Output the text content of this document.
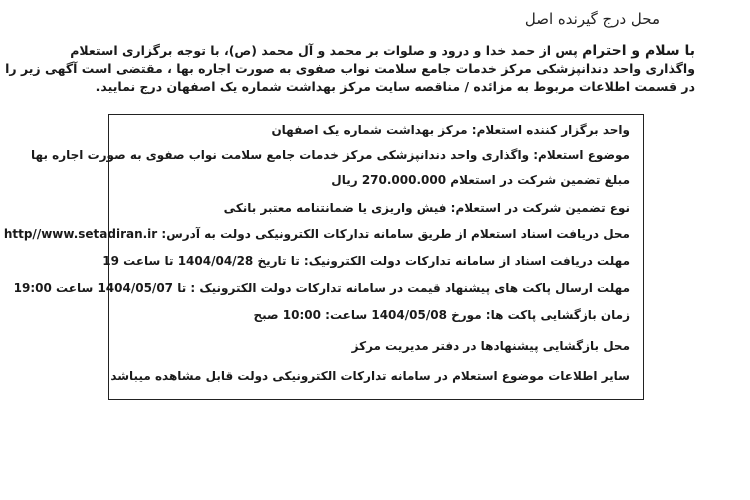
محل درج گیرنده اصل
با سلام و احترام پس از حمد خدا و درود و صلوات بر محمد و آل محمد (ص)، با توجه برگزاری استعلام
واگذاری واحد دندانپزشکی مرکز خدمات جامع سلامت نواب صفوی به صورت اجاره بها ، مقتضی است آگهی زیر را
در قسمت اطلاعات مربوط به مزائده / مناقصه سایت مرکز بهداشت شماره یک اصفهان درج نمایید.
واحد برگزار کننده استعلام: مرکز بهداشت شماره یک اصفهان
موضوع استعلام: واگذاری واحد دندانپزشکی مرکز خدمات جامع سلامت نواب صفوی به صورت اجاره بها
مبلغ تضمین شرکت در استعلام 270.000.000 ریال
نوع تضمین شرکت در استعلام: فیش واریزی یا ضمانتنامه معتبر بانکی
محل دریافت اسناد استعلام از طریق سامانه تدارکات الکترونیکی دولت به آدرس: http//www.setadiran.ir
مهلت دریافت اسناد از سامانه تدارکات دولت الکترونیک: تا تاریخ 1404/04/28 تا ساعت 19
مهلت ارسال پاکت های پیشنهاد قیمت در سامانه تدارکات دولت الکترونیک : تا 1404/05/07 ساعت 19:00
زمان بازگشایی پاکت ها: مورخ 1404/05/08 ساعت: 10:00 صبح
محل بازگشایی پیشنهادها در دفتر مدیریت مرکز
سایر اطلاعات موضوع استعلام در سامانه تدارکات الکترونیکی دولت قابل مشاهده میباشد
